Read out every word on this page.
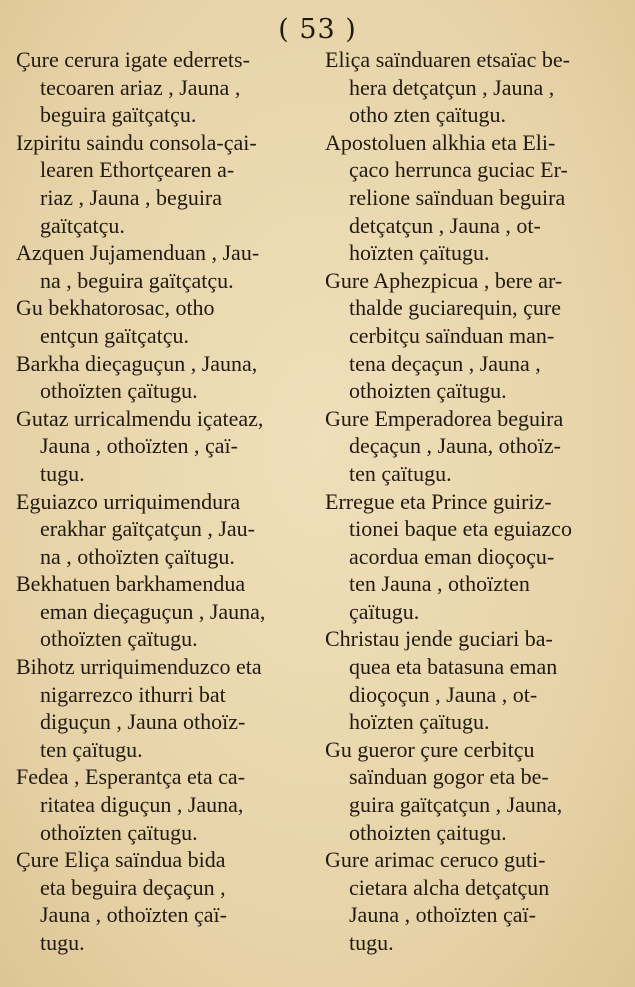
( 53 )
Çure cerura igate ederrets-
tecoaren ariaz , Jauna ,
beguira gaïtçatçu.
Izpiritu saindu consola-çai-
learen Ethortçearen a-
riaz , Jauna , beguira
gaïtçatçu.
Azquen Jujamenduan , Jau-
na , beguira gaïtçatçu.
Gu bekhatorosac, otho
entçun gaïtçatçu.
Barkha dieçaguçun , Jauna,
othoïzten çaïtugu.
Gutaz urricalmendu içateaz,
Jauna , othoïzten , çaï-
tugu.
Eguiazco urriquimendura
erakhar gaïtçatçun , Jau-
na , othoïzten çaïtugu.
Bekhatuen barkhamendua
eman dieçaguçun , Jauna,
othoïzten çaïtugu.
Bihotz urriquimenduzco eta
nigarrezco ithurri bat
diguçun , Jauna othoïz-
ten çaïtugu.
Fedea , Esperantça eta ca-
ritatea diguçun , Jauna,
othoïzten çaïtugu.
Çure Eliça saïndua bida
eta beguira deçaçun ,
Jauna , othoïzten çaï-
tugu.
Eliça saïnduaren etsaïac be-
hera detçatçun , Jauna ,
otho zten çaïtugu.
Apostoluen alkhia eta Eli-
çaco herrunca guciac Er-
relione saïnduan beguira
detçatçun , Jauna , ot-
hoïzten çaïtugu.
Gure Aphezpicua , bere ar-
thalde guciarequin, çure
cerbitçu saïnduan man-
tena deçaçun , Jauna ,
othoizten çaïtugu.
Gure Emperadorea beguira
deçaçun , Jauna, othoïz-
ten çaïtugu.
Erregue eta Prince guiriz-
tionei baque eta eguiazco
acordua eman dioçoçu-
ten Jauna , othoïzten
çaïtugu.
Christau jende guciari ba-
quea eta batasuna eman
dioçoçun , Jauna , ot-
hoïzten çaïtugu.
Gu gueror çure cerbitçu
saïnduan gogor eta be-
guira gaïtçatçun , Jauna,
othoizten çaitugu.
Gure arimac ceruco guti-
cietara alcha detçatçun
Jauna , othoïzten çaï-
tugu.
